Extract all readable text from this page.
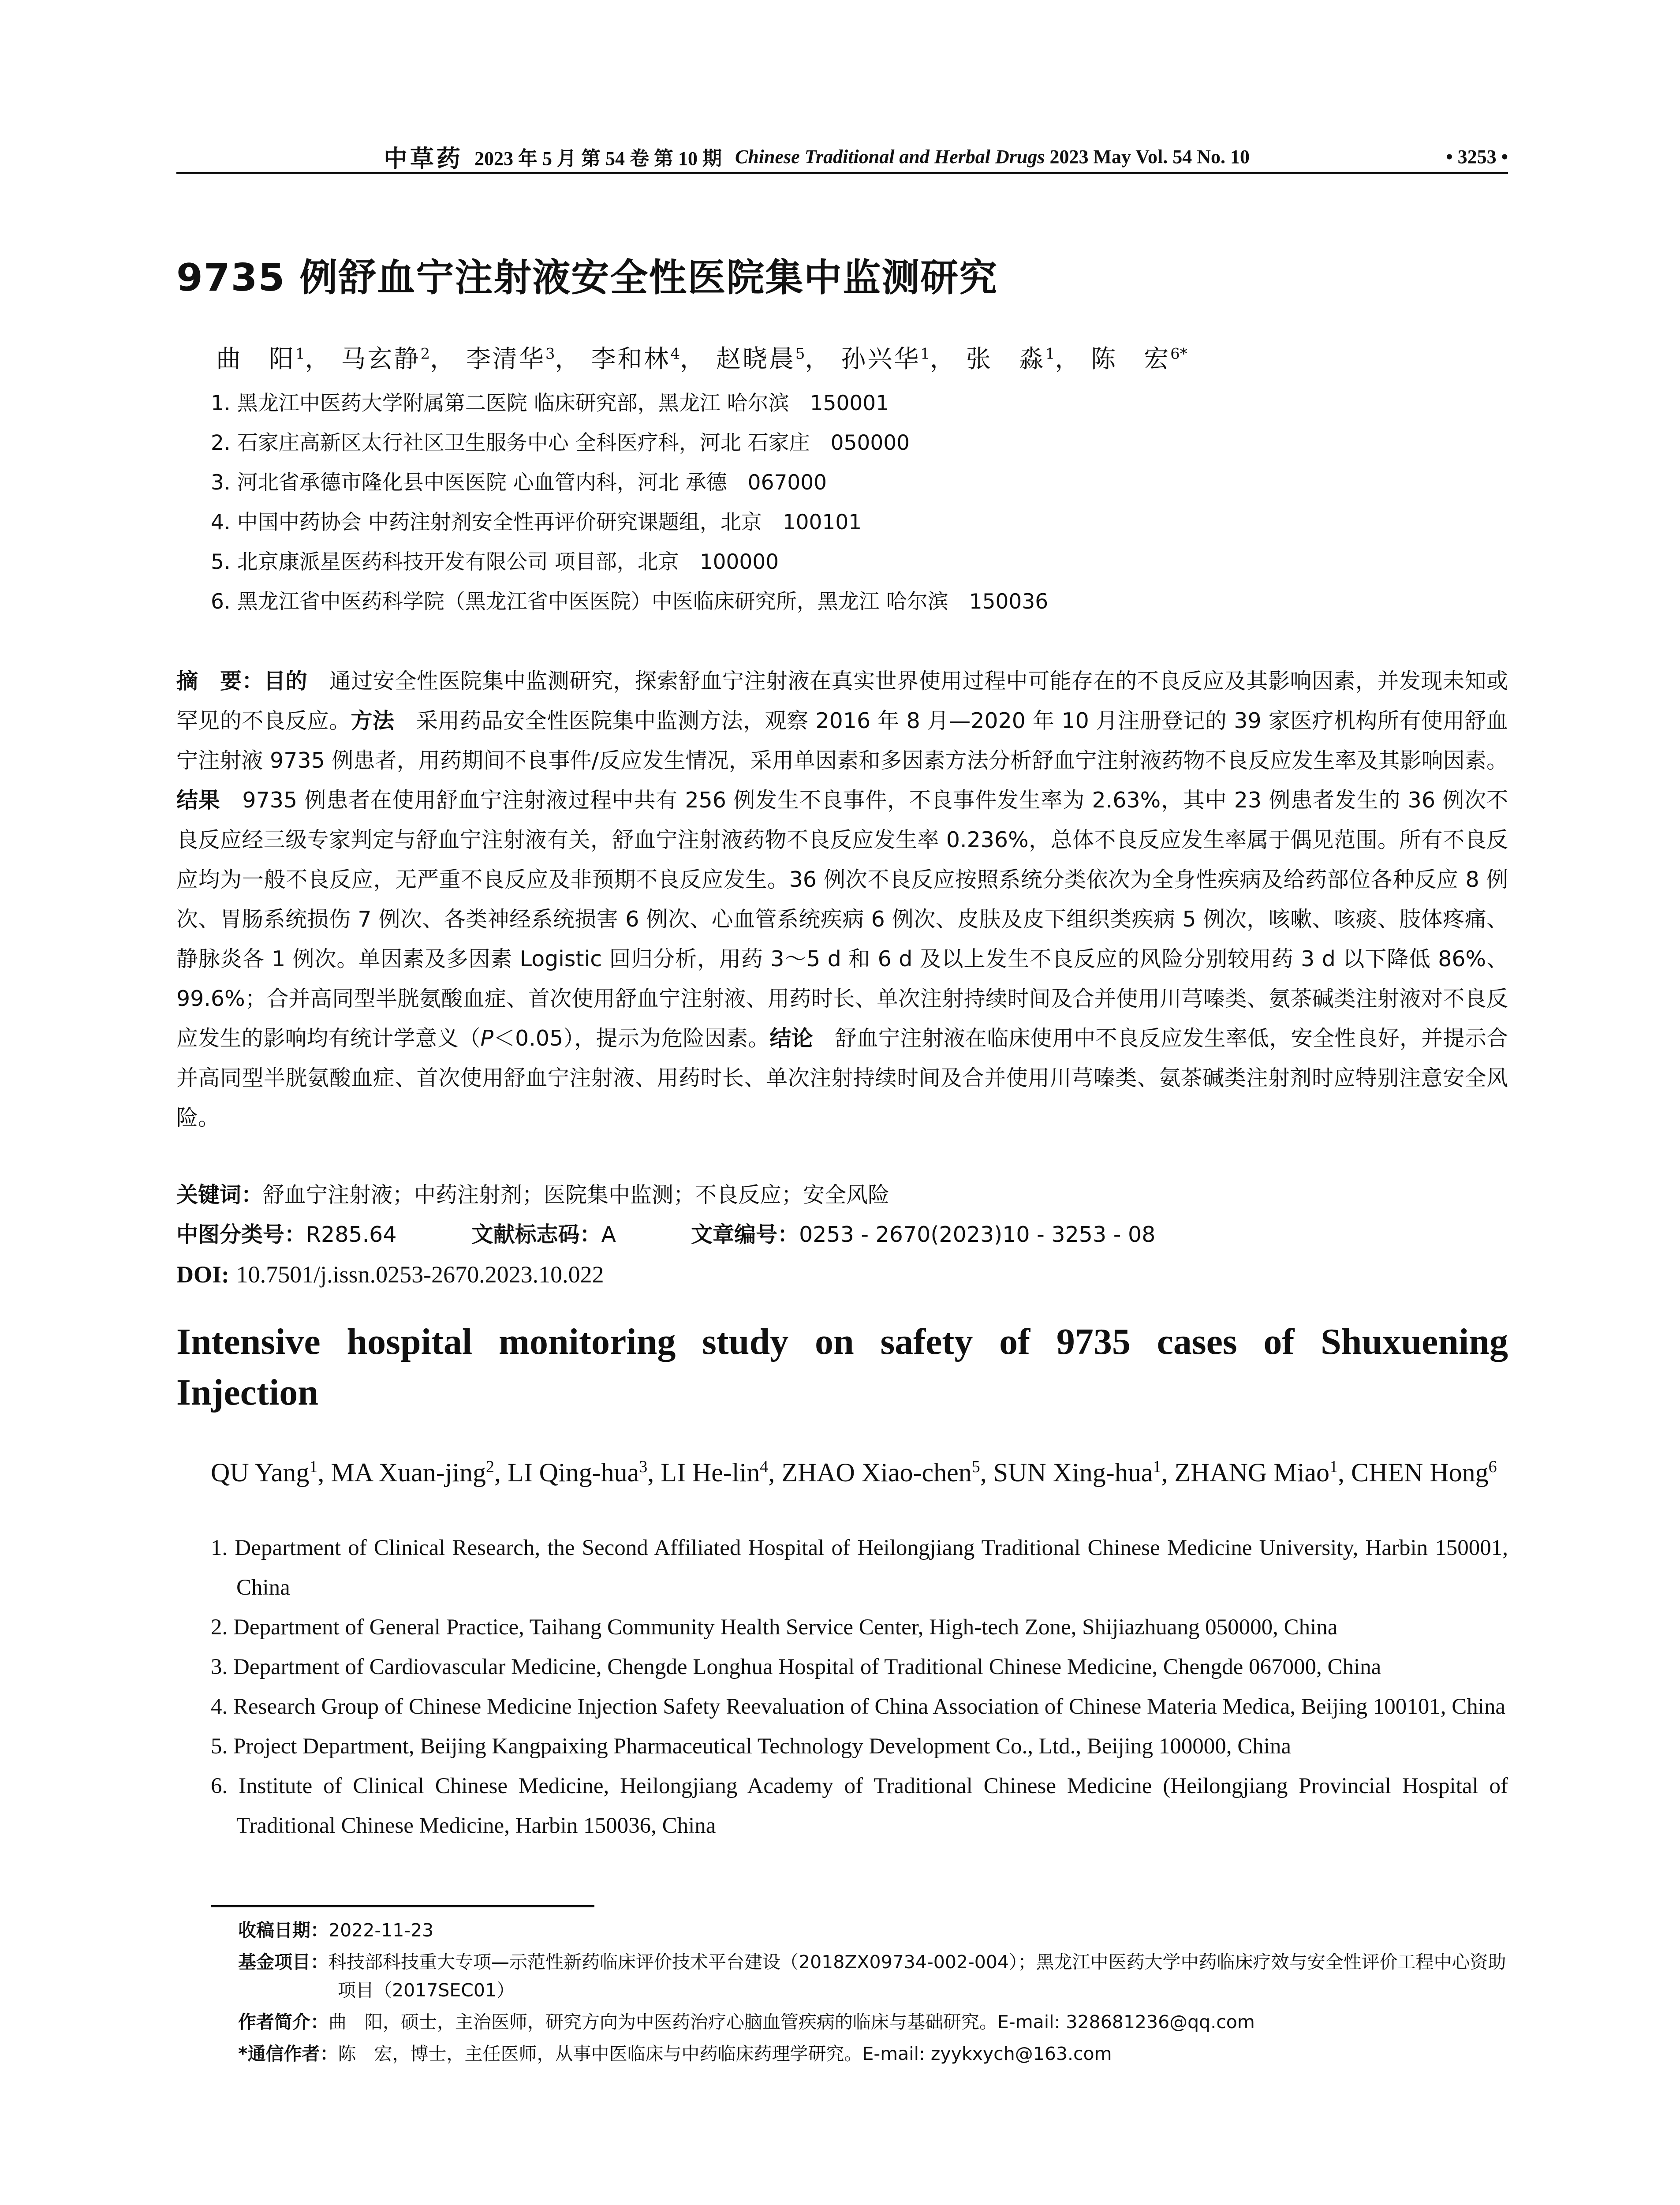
中草药 2023 年 5 月 第 54 卷 第 10 期 Chinese Traditional and Herbal Drugs 2023 May Vol. 54 No. 10	• 3253 •
9735 例舒血宁注射液安全性医院集中监测研究
曲　阳$^1$， 马玄静$^2$， 李清华$^3$， 李和林$^4$， 赵晓晨$^5$， 孙兴华$^1$， 张　淼$^1$， 陈　宏$^{6*}$
1. 黑龙江中医药大学附属第二医院 临床研究部，黑龙江 哈尔滨　150001
2. 石家庄高新区太行社区卫生服务中心 全科医疗科，河北 石家庄　050000
3. 河北省承德市隆化县中医医院 心血管内科，河北 承德　067000
4. 中国中药协会 中药注射剂安全性再评价研究课题组，北京　100101
5. 北京康派星医药科技开发有限公司 项目部，北京　100000
6. 黑龙江省中医药科学院（黑龙江省中医医院）中医临床研究所，黑龙江 哈尔滨　150036
摘　要：目的　通过安全性医院集中监测研究，探索舒血宁注射液在真实世界使用过程中可能存在的不良反应及其影响因素，并发现未知或罕见的不良反应。方法　采用药品安全性医院集中监测方法，观察 2016 年 8 月—2020 年 10 月注册登记的 39 家医疗机构所有使用舒血宁注射液 9735 例患者，用药期间不良事件/反应发生情况，采用单因素和多因素方法分析舒血宁注射液药物不良反应发生率及其影响因素。结果　9735 例患者在使用舒血宁注射液过程中共有 256 例发生不良事件，不良事件发生率为 2.63%，其中 23 例患者发生的 36 例次不良反应经三级专家判定与舒血宁注射液有关，舒血宁注射液药物不良反应发生率 0.236%，总体不良反应发生率属于偶见范围。所有不良反应均为一般不良反应，无严重不良反应及非预期不良反应发生。36 例次不良反应按照系统分类依次为全身性疾病及给药部位各种反应 8 例次、胃肠系统损伤 7 例次、各类神经系统损害 6 例次、心血管系统疾病 6 例次、皮肤及皮下组织类疾病 5 例次，咳嗽、咳痰、肢体疼痛、静脉炎各 1 例次。单因素及多因素 Logistic 回归分析，用药 3～5 d 和 6 d 及以上发生不良反应的风险分别较用药 3 d 以下降低 86%、99.6%；合并高同型半胱氨酸血症、首次使用舒血宁注射液、用药时长、单次注射持续时间及合并使用川芎嗪类、氨茶碱类注射液对不良反应发生的影响均有统计学意义（P＜0.05），提示为危险因素。结论　舒血宁注射液在临床使用中不良反应发生率低，安全性良好，并提示合并高同型半胱氨酸血症、首次使用舒血宁注射液、用药时长、单次注射持续时间及合并使用川芎嗪类、氨茶碱类注射剂时应特别注意安全风险。
关键词：舒血宁注射液；中药注射剂；医院集中监测；不良反应；安全风险
中图分类号：R285.64	文献标志码：A	文章编号：0253 - 2670(2023)10 - 3253 - 08
DOI: 10.7501/j.issn.0253-2670.2023.10.022
Intensive hospital monitoring study on safety of 9735 cases of Shuxuening
Injection
QU Yang$^1$, MA Xuan-jing$^2$, LI Qing-hua$^3$, LI He-lin$^4$, ZHAO Xiao-chen$^5$, SUN Xing-hua$^1$, ZHANG Miao$^1$, CHEN Hong$^6$
1. Department of Clinical Research, the Second Affiliated Hospital of Heilongjiang Traditional Chinese Medicine University, Harbin 150001, China
2. Department of General Practice, Taihang Community Health Service Center, High-tech Zone, Shijiazhuang 050000, China
3. Department of Cardiovascular Medicine, Chengde Longhua Hospital of Traditional Chinese Medicine, Chengde 067000, China
4. Research Group of Chinese Medicine Injection Safety Reevaluation of China Association of Chinese Materia Medica, Beijing 100101, China
5. Project Department, Beijing Kangpaixing Pharmaceutical Technology Development Co., Ltd., Beijing 100000, China
6. Institute of Clinical Chinese Medicine, Heilongjiang Academy of Traditional Chinese Medicine (Heilongjiang Provincial Hospital of Traditional Chinese Medicine, Harbin 150036, China
收稿日期：2022-11-23
基金项目：科技部科技重大专项—示范性新药临床评价技术平台建设（2018ZX09734-002-004）；黑龙江中医药大学中药临床疗效与安全性评价工程中心资助项目（2017SEC01）
作者简介：曲　阳，硕士，主治医师，研究方向为中医药治疗心脑血管疾病的临床与基础研究。E-mail: 328681236@qq.com
*通信作者：陈　宏，博士，主任医师，从事中医临床与中药临床药理学研究。E-mail: zyykxych@163.com
